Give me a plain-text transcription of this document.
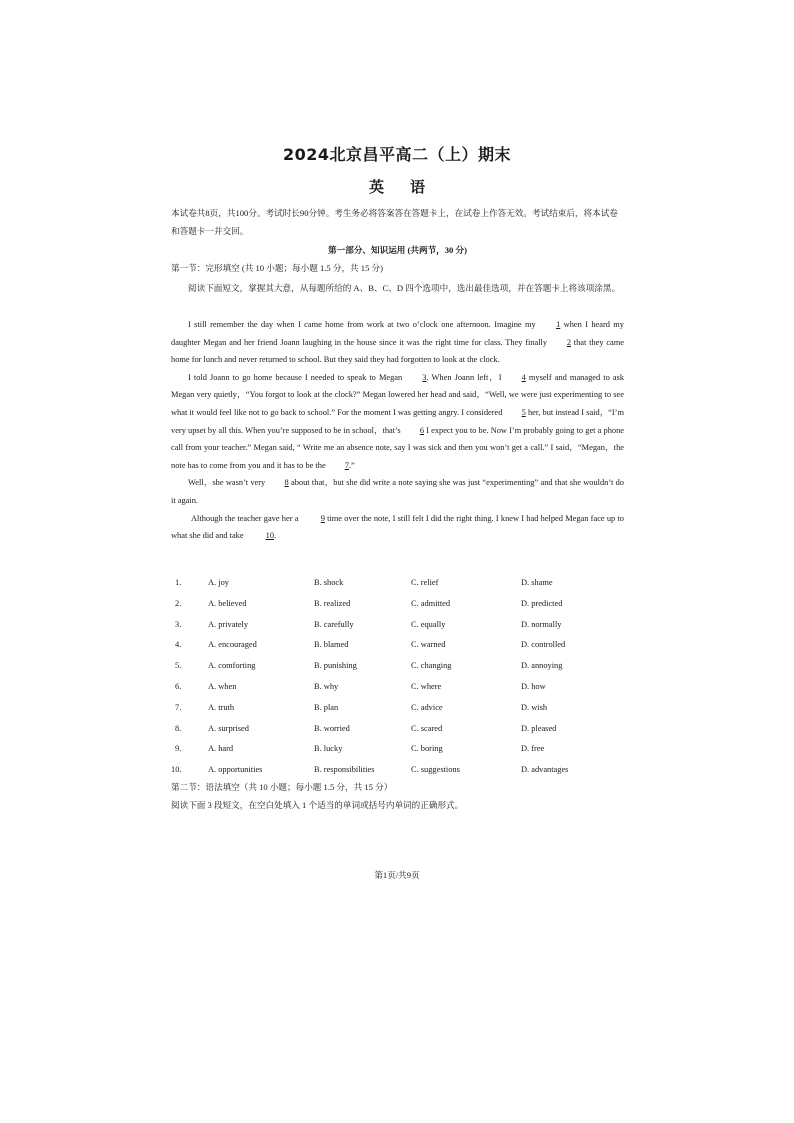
2024北京昌平高二（上）期末
英 语
本试卷共8页，共100分。考试时长90分钟。考生务必将答案答在答题卡上，在试卷上作答无效。考试结束后，将本试卷和答题卡一并交回。
第一部分、知识运用 (共两节，30 分)
第一节：完形填空 (共 10 小题；每小题 1.5 分，共 15 分)
阅读下面短文，掌握其大意，从每题所给的 A、B、C、D 四个选项中，选出最佳选项，并在答题卡上将该项涂黑。

I still remember the day when I came home from work at two o’clock one afternoon. Imagine my 1 when I heard my daughter Megan and her friend Joann laughing in the house since it was the right time for class. They finally 2 that they came home for lunch and never returned to school. But they said they had forgotten to look at the clock.

I told Joann to go home because I needed to speak to Megan 3. When Joann left，I 4 myself and managed to ask Megan very quietly，“You forgot to look at the clock?” Megan lowered her head and said，“Well, we were just experimenting to see what it would feel like not to go back to school.” For the moment I was getting angry. I considered 5 her, but instead I said，“I’m very upset by all this. When you’re supposed to be in school，that’s 6 I expect you to be. Now I’m probably going to get a phone call from your teacher.” Megan said, “ Write me an absence note, say I was sick and then you won’t get a call.” I said，“Megan，the note has to come from you and it has to be the 7.”

Well，she wasn’t very 8 about that，but she did write a note saying she was just “experimenting” and that she wouldn’t do it again.

Although the teacher gave her a 9 time over the note, I still felt I did the right thing. I knew I had helped Megan face up to what she did and take 10.

1.	A. joy	B. shock	C. relief	D. shame
2.	A. believed	B. realized	C. admitted	D. predicted
3.	A. privately	B. carefully	C. equally	D. normally
4.	A. encouraged	B. blamed	C. warned	D. controlled
5.	A. comforting	B. punishing	C. changing	D. annoying
6.	A. when	B. why	C. where	D. how
7.	A. truth	B. plan	C. advice	D. wish
8.	A. surprised	B. worried	C. scared	D. pleased
9.	A. hard	B. lucky	C. boring	D. free
10.	A. opportunities	B. responsibilities	C. suggestions	D. advantages
第二节：语法填空（共 10 小题；每小题 1.5 分，共 15 分）
阅读下面 3 段短文，在空白处填入 1 个适当的单词或括号内单词的正确形式。
第1页/共9页
